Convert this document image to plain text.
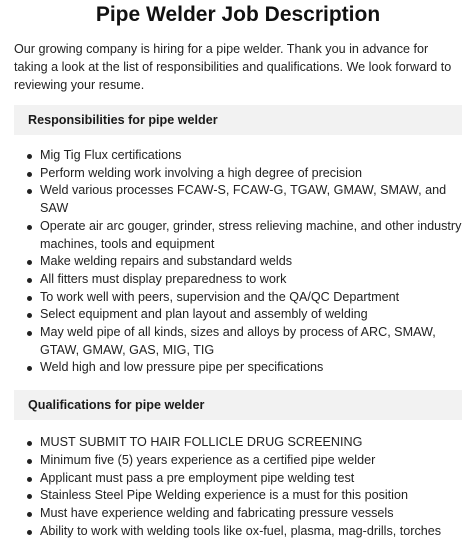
Pipe Welder Job Description

Our growing company is hiring for a pipe welder. Thank you in advance for taking a look at the list of responsibilities and qualifications. We look forward to reviewing your resume.

Responsibilities for pipe welder
Mig Tig Flux certifications
Perform welding work involving a high degree of precision
Weld various processes FCAW-S, FCAW-G, TGAW, GMAW, SMAW, and SAW
Operate air arc gouger, grinder, stress relieving machine, and other industry machines, tools and equipment
Make welding repairs and substandard welds
All fitters must display preparedness to work
To work well with peers, supervision and the QA/QC Department
Select equipment and plan layout and assembly of welding
May weld pipe of all kinds, sizes and alloys by process of ARC, SMAW, GTAW, GMAW, GAS, MIG, TIG
Weld high and low pressure pipe per specifications
Qualifications for pipe welder
MUST SUBMIT TO HAIR FOLLICLE DRUG SCREENING
Minimum five (5) years experience as a certified pipe welder
Applicant must pass a pre employment pipe welding test
Stainless Steel Pipe Welding experience is a must for this position
Must have experience welding and fabricating pressure vessels
Ability to work with welding tools like ox-fuel, plasma, mag-drills, torches
